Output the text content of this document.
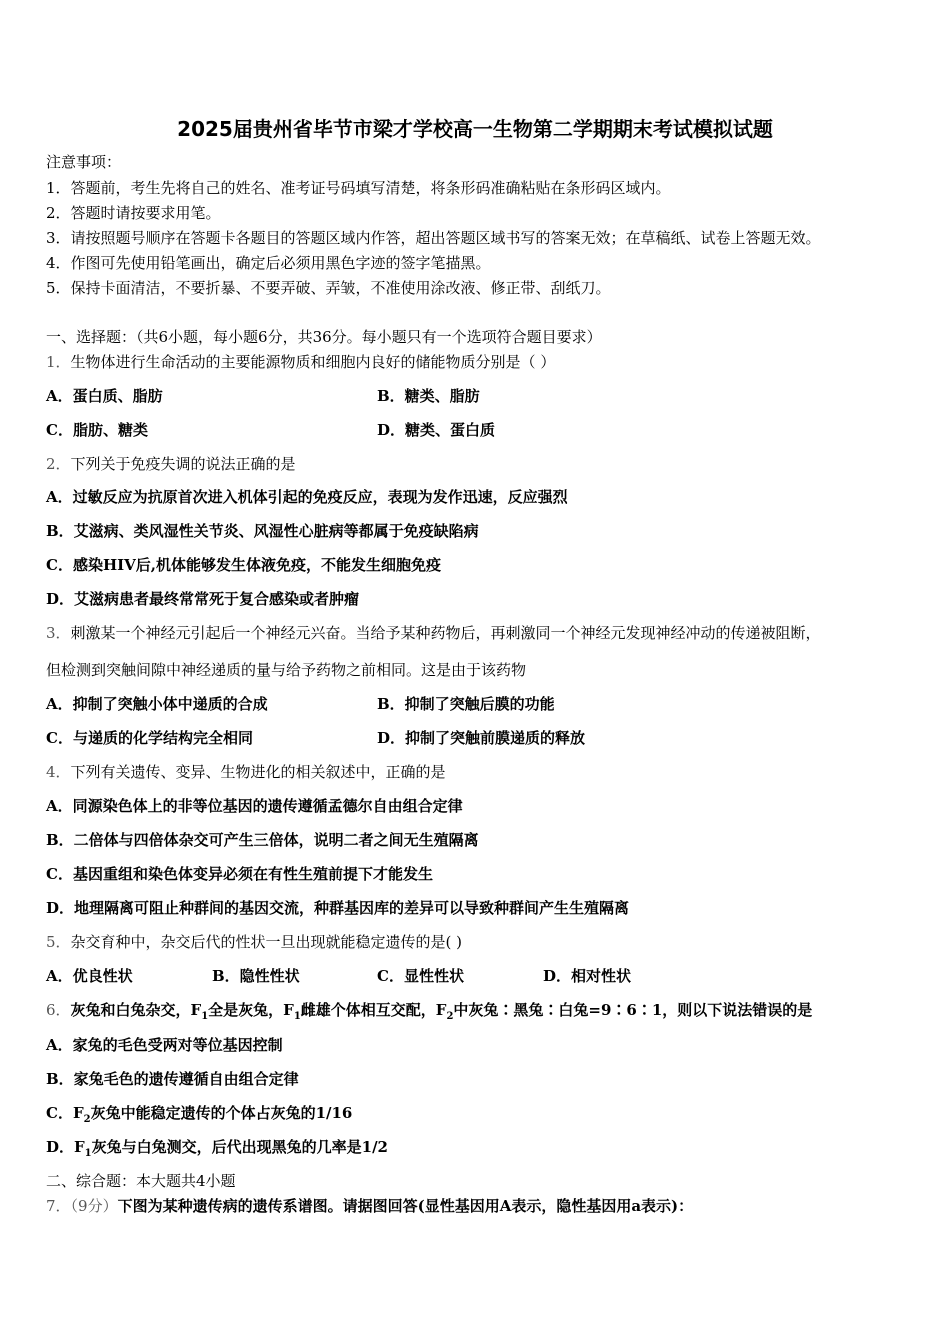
2025届贵州省毕节市梁才学校高一生物第二学期期末考试模拟试题
注意事项：
1．答题前，考生先将自己的姓名、准考证号码填写清楚，将条形码准确粘贴在条形码区域内。
2．答题时请按要求用笔。
3．请按照题号顺序在答题卡各题目的答题区域内作答，超出答题区域书写的答案无效；在草稿纸、试卷上答题无效。
4．作图可先使用铅笔画出，确定后必须用黑色字迹的签字笔描黑。
5．保持卡面清洁，不要折暴、不要弄破、弄皱，不准使用涂改液、修正带、刮纸刀。
一、选择题：（共6小题，每小题6分，共36分。每小题只有一个选项符合题目要求）
1．生物体进行生命活动的主要能源物质和细胞内良好的储能物质分别是（ ）
A．蛋白质、脂肪	B．糖类、脂肪
C．脂肪、糖类	D．糖类、蛋白质
2．下列关于免疫失调的说法正确的是
A．过敏反应为抗原首次进入机体引起的免疫反应，表现为发作迅速，反应强烈
B．艾滋病、类风湿性关节炎、风湿性心脏病等都属于免疫缺陷病
C．感染HIV后,机体能够发生体液免疫，不能发生细胞免疫
D．艾滋病患者最终常常死于复合感染或者肿瘤
3．刺激某一个神经元引起后一个神经元兴奋。当给予某种药物后，再刺激同一个神经元发现神经冲动的传递被阻断，
但检测到突触间隙中神经递质的量与给予药物之前相同。这是由于该药物
A．抑制了突触小体中递质的合成	B．抑制了突触后膜的功能
C．与递质的化学结构完全相同	D．抑制了突触前膜递质的释放
4．下列有关遗传、变异、生物进化的相关叙述中，正确的是
A．同源染色体上的非等位基因的遗传遵循孟德尔自由组合定律
B．二倍体与四倍体杂交可产生三倍体，说明二者之间无生殖隔离
C．基因重组和染色体变异必须在有性生殖前提下才能发生
D．地理隔离可阻止种群间的基因交流，种群基因库的差异可以导致种群间产生生殖隔离
5．杂交育种中，杂交后代的性状一旦出现就能稳定遗传的是( )
A．优良性状	B．隐性性状	C．显性性状	D．相对性状
6．灰兔和白兔杂交，$F_1$全是灰兔，$F_1$雌雄个体相互交配，$F_2$中灰兔∶黑兔∶白兔=9∶6∶1，则以下说法错误的是
A．家兔的毛色受两对等位基因控制
B．家兔毛色的遗传遵循自由组合定律
C．$F_2$灰兔中能稳定遗传的个体占灰兔的1/16
D．$F_1$灰兔与白兔测交，后代出现黑兔的几率是1/2
二、综合题：本大题共4小题
7．（9分）下图为某种遗传病的遗传系谱图。请据图回答(显性基因用A表示，隐性基因用a表示)：
